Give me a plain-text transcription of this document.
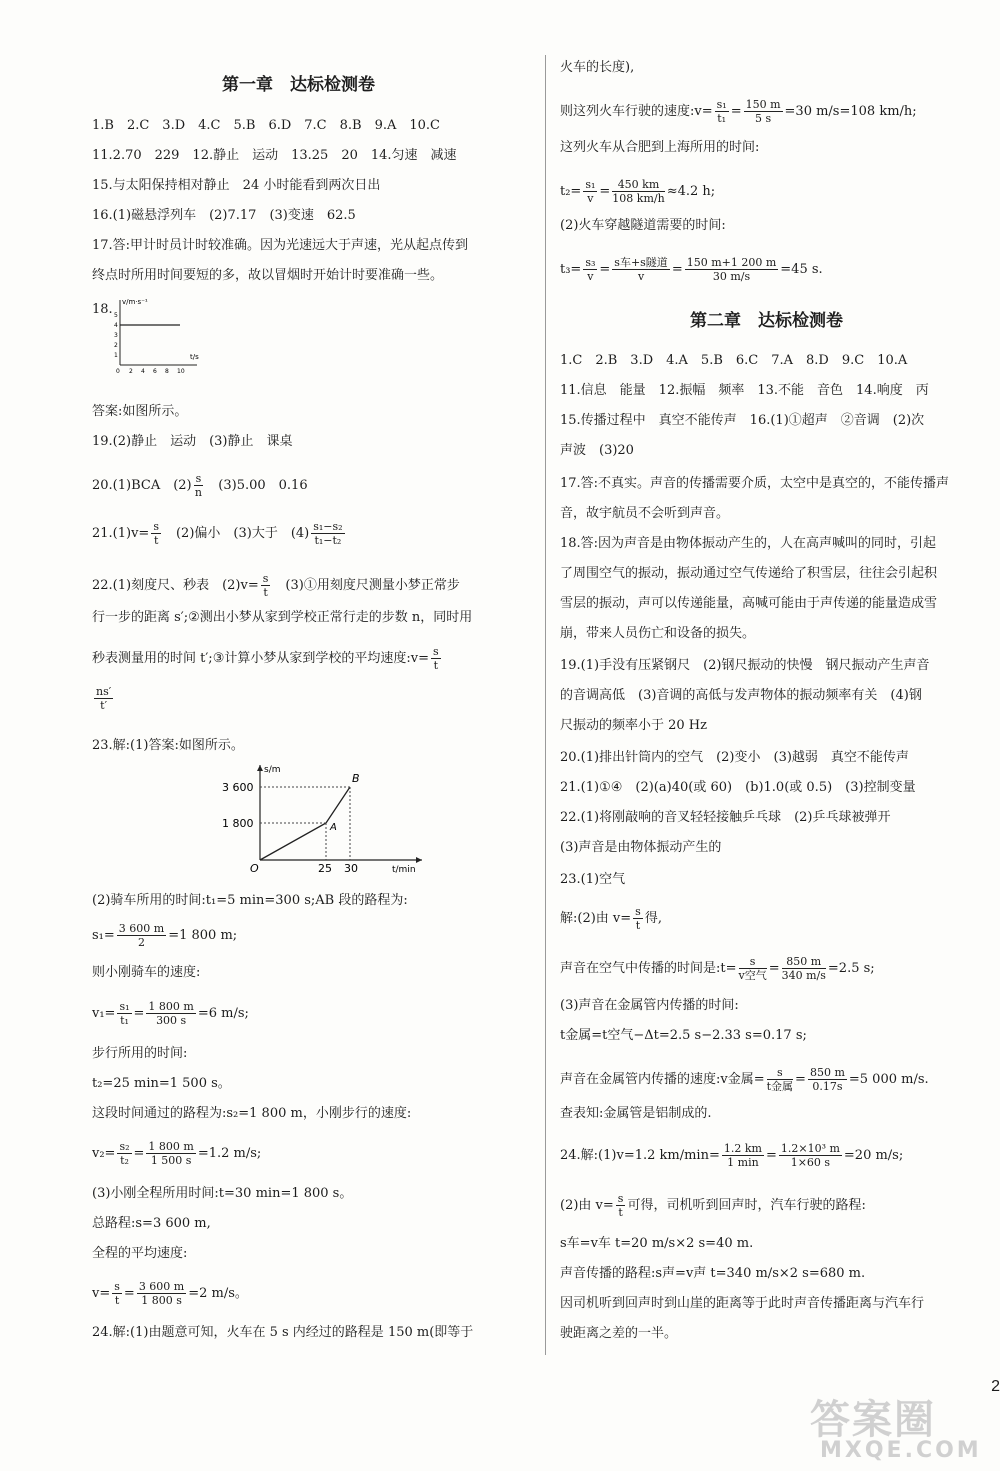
第一章　达标检测卷
1.B　2.C　3.D　4.C　5.B　6.D　7.C　8.B　9.A　10.C
11.2.70　229　12.静止　运动　13.25　20　14.匀速　减速
15.与太阳保持相对静止　24 小时能看到两次日出
16.(1)磁悬浮列车　(2)7.17　(3)变速　62.5
17.答:甲计时员计时较准确。因为光速远大于声速，光从起点传到
终点时所用时间要短的多，故以冒烟时开始计时要准确一些。
18. v/m·s⁻¹
t/s
0 2 4 6 8 10
1
2
3
4
5
答案:如图所示。
19.(2)静止　运动　(3)静止　课桌
20.(1)BCA　$(2) \frac{s}{n}$ 　(3)5.00　0.16
$21.(1)v= \frac{s}{t}$ 　(2)偏小　(3)大于　$(4) \frac{\text{s₁−s₂}}{\text{t₁−t₂}}$
22.(1)刻度尺、秒表　$(2)v= \frac{s}{t}$ 　(3)①用刻度尺测量小梦正常步
行一步的距离 s′;②测出小梦从家到学校正常行走的步数 n，同时用
秒表测量用的时间 t′;③计算小梦从家到学校的平均速度:v= $\frac{s}{t}$
$\frac{ns'}{t'}$
23.解:(1)答案:如图所示。
s/m
t/min
3 600
1 800
25 30
O
A
B
(2)骑车所用的时间:t₁=5 min=300 s;AB 段的路程为:
$s_1= \frac{3 600 m}{2} =1$ 800 m;
则小刚骑车的速度:
$v_1= \frac{\text{s₁}}{\text{t₁}} = \frac{1 800 m}{300 s} =6$ m/s;
步行所用的时间:
t₂=25 min=1 500 s。
这段时间通过的路程为:s₂=1 800 m，小刚步行的速度:
$v_2= \frac{\text{s₂}}{\text{t₂}} = \frac{1 800 m}{1 500 s} =1.2$ m/s;
(3)小刚全程所用时间:t=30 min=1 800 s。
总路程:s=3 600 m,
全程的平均速度:
$v= \frac{s}{t} = \frac{3 600 m}{1 800 s} =2$ m/s。
24.解:(1)由题意可知，火车在 5 s 内经过的路程是 150 m(即等于
火车的长度),
则这列火车行驶的速度:v= $\frac{\text{s₁}}{\text{t₁}} = \frac{150 m}{5 s} =30$ m/s=108 km/h;
这列火车从合肥到上海所用的时间:
$t_2= \frac{\text{s₁}}{v} = \frac{450 km}{108 km/h} \approx 4.2$ h;
(2)火车穿越隧道需要的时间:
$t_3= \frac{\text{s₃}}{v} = s$车+s隧道
v	= $\frac{150 m+1 200 m}{30 m/s} =45$ s.
第二章　达标检测卷
1.C　2.B　3.D　4.A　5.B　6.C　7.A　8.D　9.C　10.A
11.信息　能量　12.振幅　频率　13.不能　音色　14.响度　丙
15.传播过程中　真空不能传声　16.(1)①超声　②音调　(2)次
声波　(3)20
17.答:不真实。声音的传播需要介质，太空中是真空的，不能传播声
音，故宇航员不会听到声音。
18.答:因为声音是由物体振动产生的，人在高声喊叫的同时，引起
了周围空气的振动，振动通过空气传递给了积雪层，往往会引起积
雪层的振动，声可以传递能量，高喊可能由于声传递的能量造成雪
崩，带来人员伤亡和设备的损失。
19.(1)手没有压紧钢尺　(2)钢尺振动的快慢　钢尺振动产生声音
的音调高低　(3)音调的高低与发声物体的振动频率有关　(4)钢
尺振动的频率小于 20 Hz
20.(1)排出针筒内的空气　(2)变小　(3)越弱　真空不能传声
21.(1)①④　(2)(a)40(或 60)　(b)1.0(或 0.5)　(3)控制变量
22.(1)将刚敲响的音叉轻轻接触乒乓球　(2)乒乓球被弹开
(3)声音是由物体振动产生的
23.(1)空气
解:(2)由 $v= \frac{s}{t}$ 得,
声音在空气中传播的时间是:t=	s
v空气 = $\frac{850 m}{340 m/s} =2.5$ s;
(3)声音在金属管内传播的时间:
t金属=t空气−Δt=2.5 s−2.33 s=0.17 s;
声音在金属管内传播的速度:v金属=	s
t金属 = $\frac{850 m}{0.17s} =5$ 000 m/s.
查表知:金属管是铝制成的.
24.解:(1)v=1.2 km/min= 1.2 km
1 $\min = \frac{\text{1.2×10³ m}}{1\times 60 s} =20$ m/s;
(2)由 $v= \frac{s}{t}$ 可得，司机听到回声时，汽车行驶的路程:
s车=v车 t=20 m/s×2 s=40 m.
声音传播的路程:s声=v声 t=340 m/s×2 s=680 m.
因司机听到回声时到山崖的距离等于此时声音传播距离与汽车行
驶距离之差的一半。
2
答案圈
MXQE.COM
